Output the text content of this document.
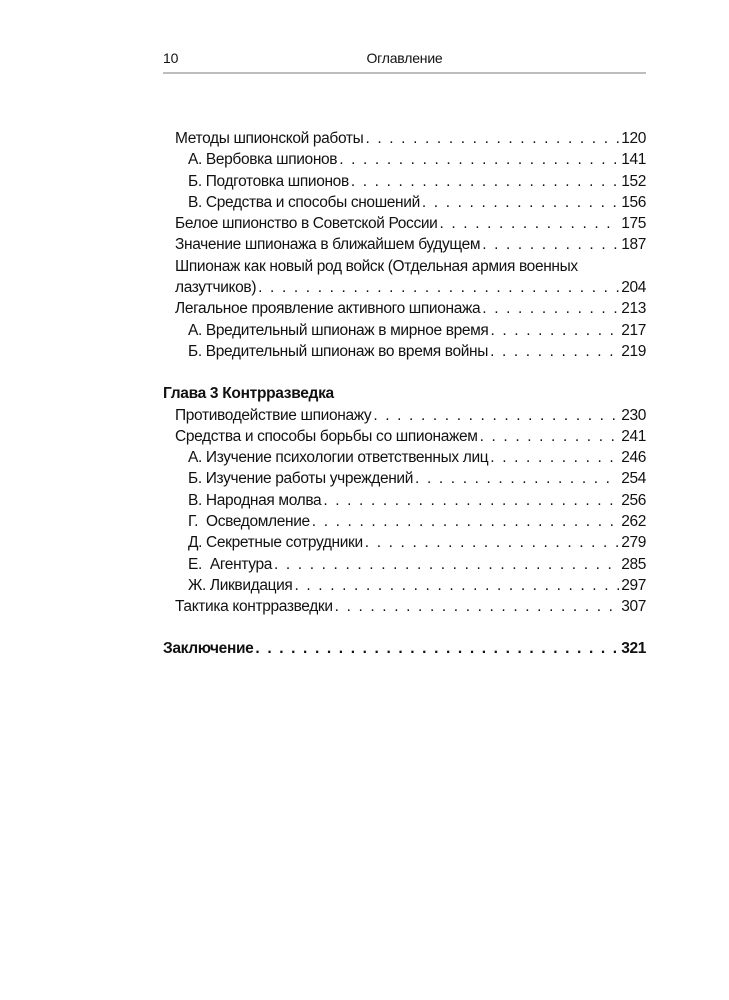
10	Оглавление
Методы шпионской работы . . .	120
А. Вербовка шпионов . . .	141
Б. Подготовка шпионов . . .	152
В. Средства и способы сношений . . .	156
Белое шпионство в Советской России . . .	175
Значение шпионажа в ближайшем будущем . . .	187
Шпионаж как новый род войск (Отдельная армия военных
лазутчиков) . . .	204
Легальное проявление активного шпионажа . . .	213
А. Вредительный шпионаж в мирное время . . .	217
Б. Вредительный шпионаж во время войны . . .	219
Глава 3 Контрразведка
Противодействие шпионажу . . .	230
Средства и способы борьбы со шпионажем . . .	241
А. Изучение психологии ответственных лиц . . .	246
Б. Изучение работы учреждений . . .	254
В. Народная молва . . .	256
Г.  Осведомление . . .	262
Д. Секретные сотрудники . . .	279
Е.  Агентура . . .	285
Ж. Ликвидация . . .	297
Тактика контрразведки . . .	307
Заключение . . .	321
